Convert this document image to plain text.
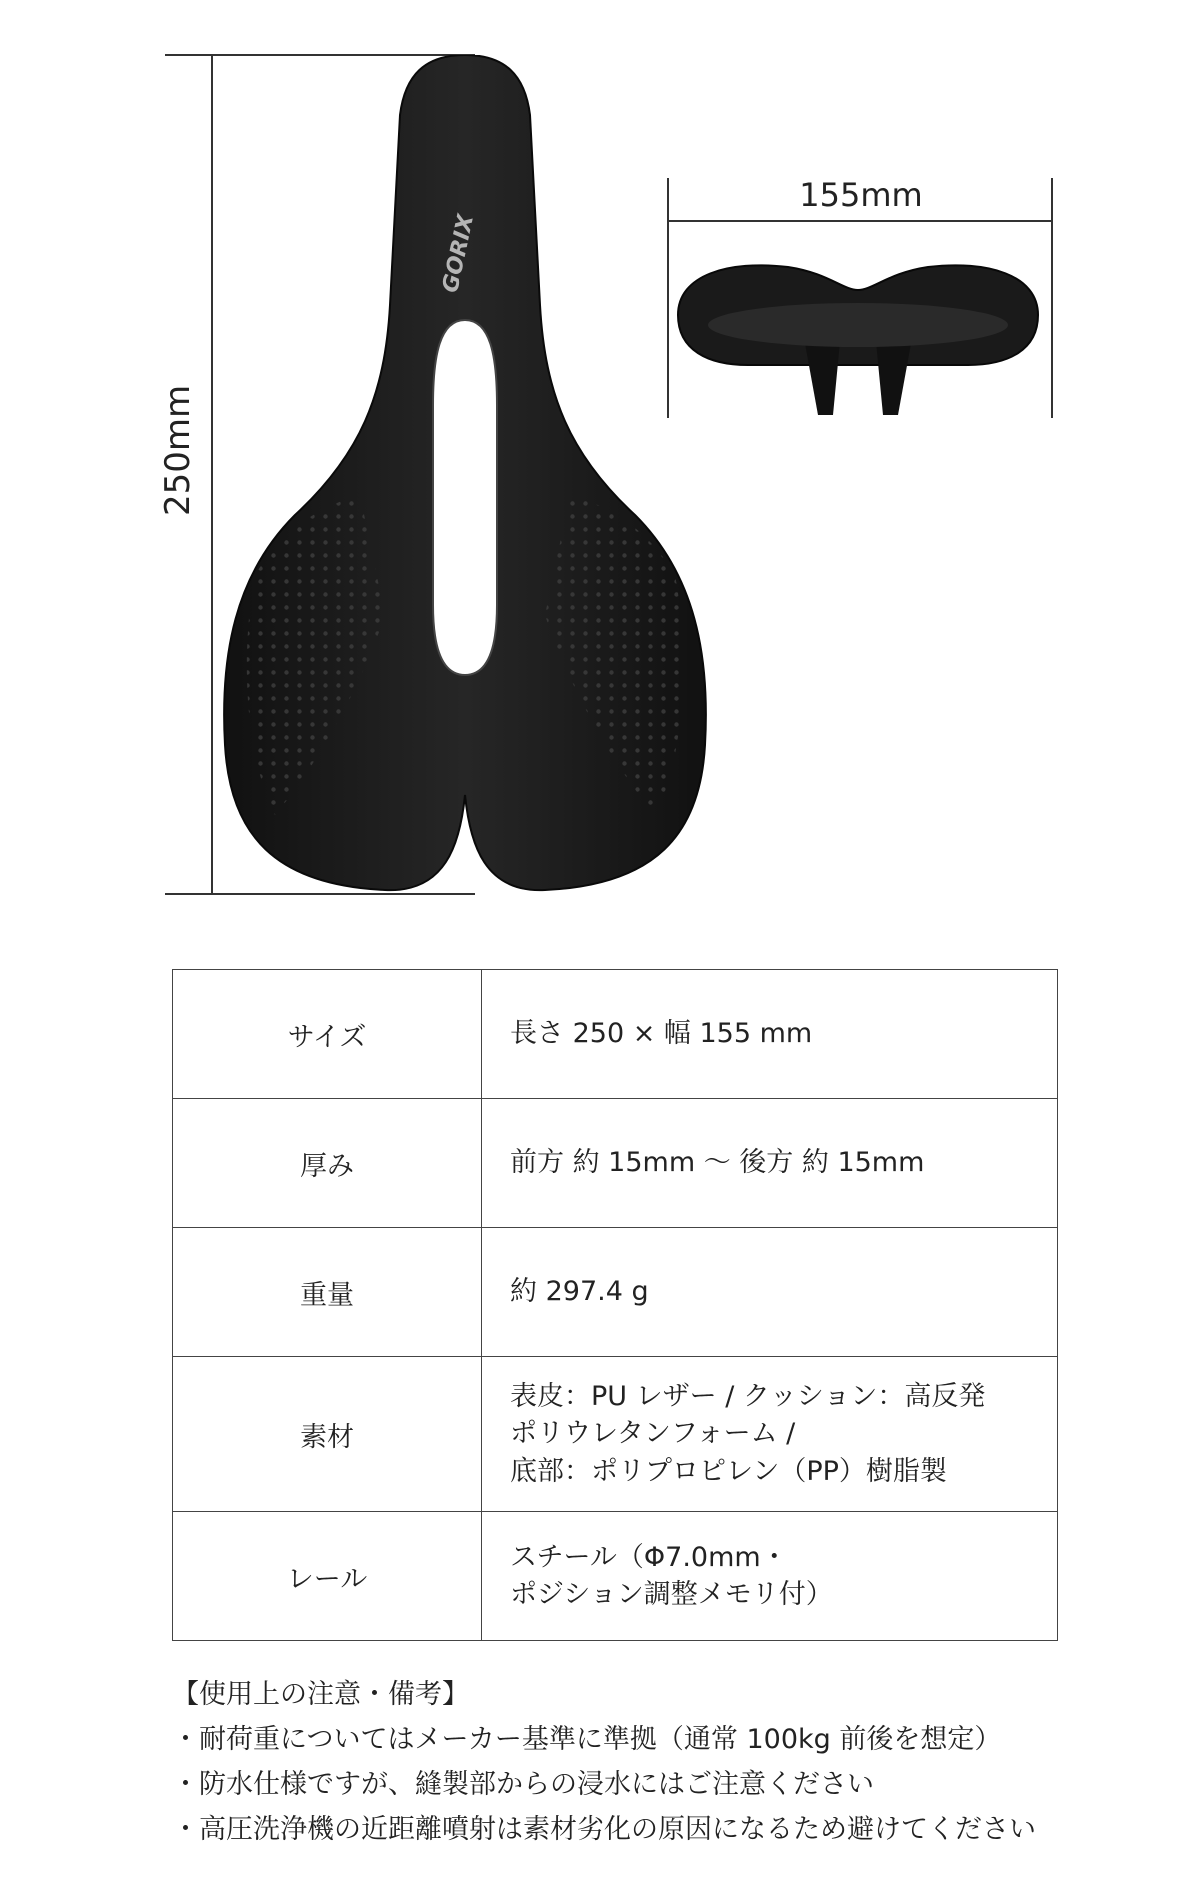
250mm
155mm
GORIX
サイズ	長さ 250 × 幅 155 mm

厚み	前方 約 15mm 〜 後方 約 15mm

重量	約 297.4 g

素材	表皮：PU レザー / クッション：高反発
ポリウレタンフォーム /
底部：ポリプロピレン（PP）樹脂製

レール	スチール（Φ7.0mm・
ポジション調整メモリ付）
【使用上の注意・備考】
・耐荷重についてはメーカー基準に準拠（通常 100kg 前後を想定）
・防水仕様ですが、縫製部からの浸水にはご注意ください
・高圧洗浄機の近距離噴射は素材劣化の原因になるため避けてください
